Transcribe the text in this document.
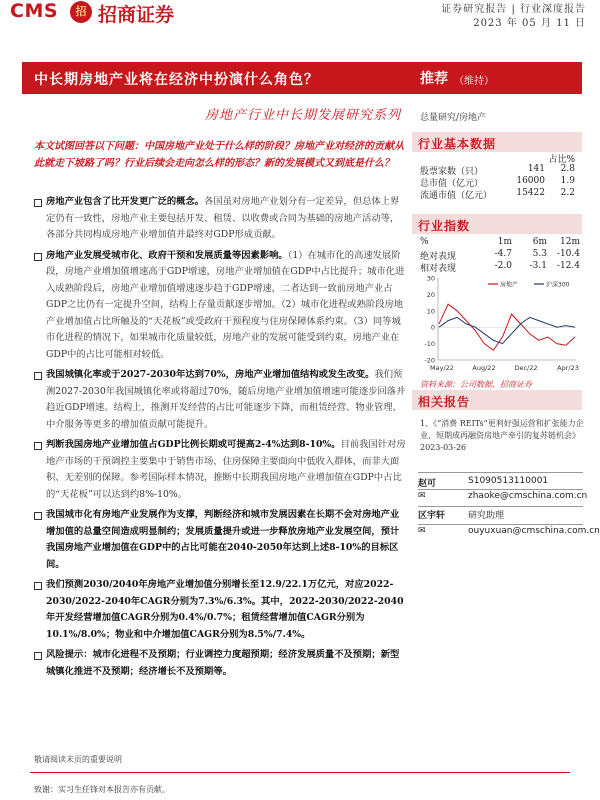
CMS	招 招商证券	证券研究报告 | 行业深度报告
2023 年 05 月 11 日
中长期房地产业将在经济中扮演什么角色？
房地产行业中长期发展研究系列
推荐 （维持）
总量研究/房地产
行业基本数据
占比%
股票家数（只）	141	2.8
总市值（亿元）	16000	1.9
流通市值（亿元）	15422	2.2
行业指数
%	1m	6m	12m
绝对表现	-4.7	5.3	-10.4
相对表现	-2.0	-3.1	-12.4
30
20
10
0
-10
-20
May/22	Aug/22	Dec/22	Apr/23
房地产	沪深300
资料来源：公司数据、招商证券
相关报告
1、《“消费 REITs”更利好强运营和扩张能力企业，短期成再融资房地产牵引的复苏链机会》2023-03-26
赵可	S1090513110001
✉	zhaoke@cmschina.com.cn
区宇轩	研究助理
✉	ouyuxuan@cmschina.com.cn
本文试图回答以下问题：中国房地产业处于什么样的阶段？房地产业对经济的贡献从此就走下坡路了吗？行业后续会走向怎么样的形态？新的发展模式又到底是什么？
房地产业包含了比开发更广泛的概念。各国虽对房地产业划分有一定差异，但总体上界定仍有一致性，房地产业主要包括开发、租赁、以收费或合同为基础的房地产活动等，各部分共同构成房地产业增加值并最终对GDP形成贡献。
房地产业发展受城市化、政府干预和发展质量等因素影响。（1）在城市化的高速发展阶段，房地产业增加值增速高于GDP增速，房地产业增加值在GDP中占比提升；城市化进入成熟阶段后，房地产业增加值增速逐步趋于GDP增速，二者达到一致前房地产业占GDP之比仍有一定提升空间，结构上存量贡献逐步增加。（2）城市化进程或熟阶段房地产业增加值占比所触及的“天花板”或受政府干预程度与住房保障体系约束。（3）同等城市化进程的情况下，如果城市化质量较低，房地产业的发展可能受到约束，房地产业在GDP中的占比可能相对较低。
我国城镇化率或于2027-2030年达到70%，房地产业增加值结构或发生改变。我们预测2027-2030年我国城镇化率或将超过70%，随后房地产业增加值增速可能逐步回落并趋近GDP增速。结构上，推测开发经营的占比可能逐步下降，而租赁经营、物业管理、中介服务等更多的增加值贡献可能提升。
判断我国房地产业增加值占GDP比例长期或可提高2-4%达到8-10%。目前我国针对房地产市场的干预调控主要集中于销售市场，住房保障主要面向中低收入群体，而非大面积、无差别的保障。参考国际样本情况，推断中长期我国房地产业增加值在GDP中占比的“天花板”可以达到约8%-10%。
我国城市化有房地产业发展作为支撑，判断经济和城市发展因素在长期不会对房地产业增加值的总量空间造成明显制约；发展质量提升或进一步释放房地产业发展空间，预计我国房地产业增加值在GDP中的占比可能在2040-2050年达到上述8-10%的目标区间。
我们预测2030/2040年房地产业增加值分别增长至12.9/22.1万亿元，对应2022-2030/2022-2040年CAGR分别为7.3%/6.3%。其中，2022-2030/2022-2040年开发经营增加值CAGR分别为0.4%/0.7%；租赁经营增加值CAGR分别为10.1%/8.0%；物业和中介增加值CAGR分别为8.5%/7.4%。
风险提示：城市化进程不及预期；行业调控力度超预期；经济发展质量不及预期；新型城镇化推进不及预期；经济增长不及预期等。
敬请阅读末页的重要说明
致谢：实习生任锋对本报告亦有贡献。
